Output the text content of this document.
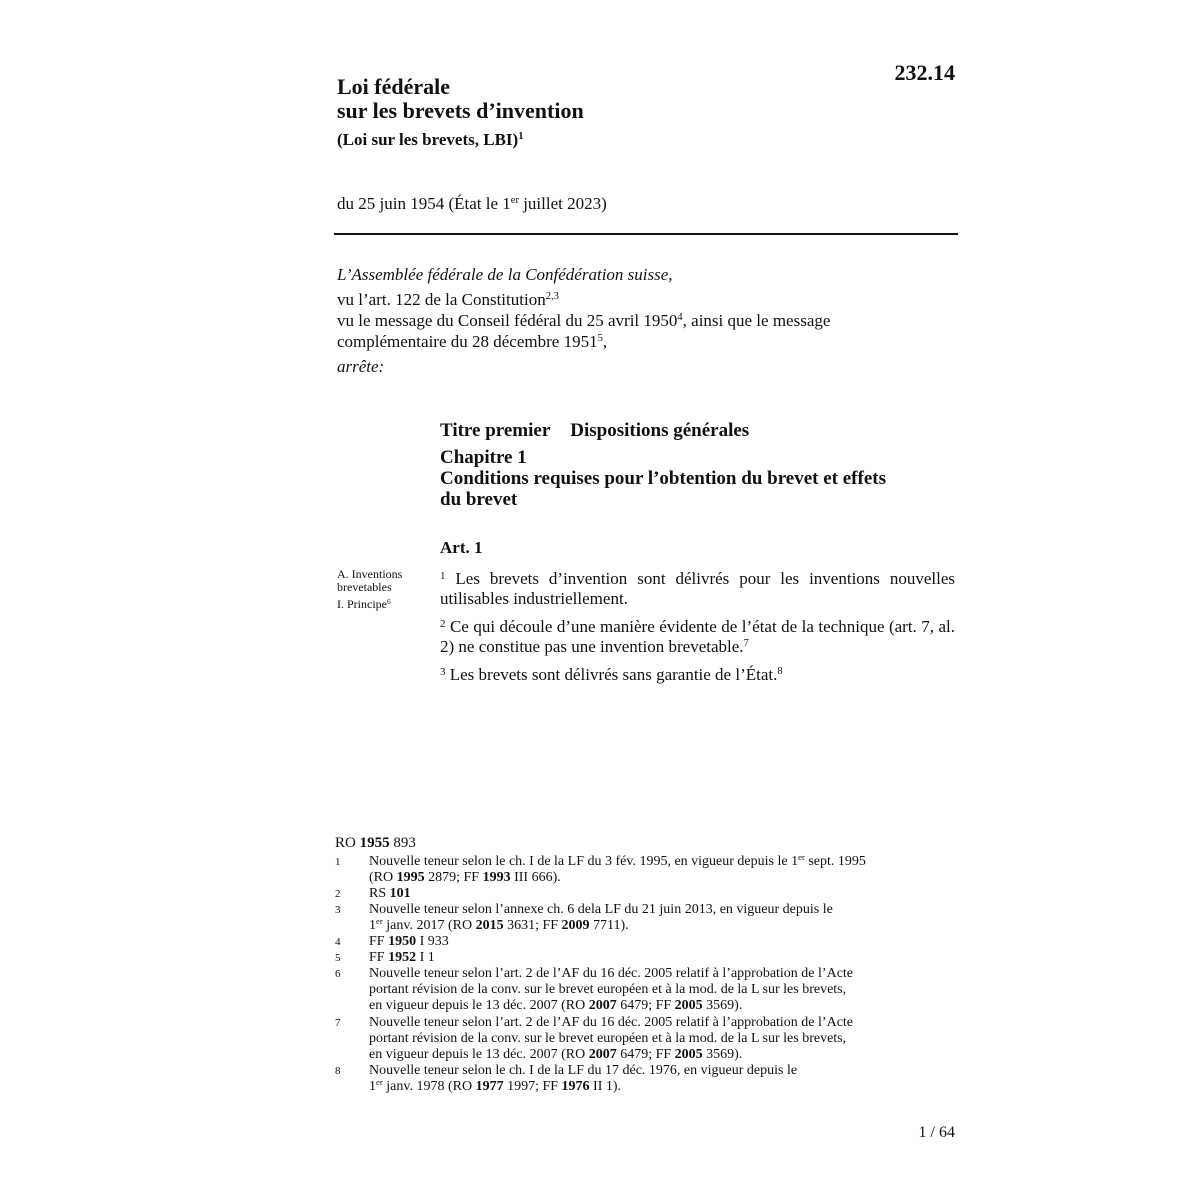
232.14
Loi fédérale
sur les brevets d’invention
(Loi sur les brevets, LBI)$^1$
du 25 juin 1954 (État le 1er juillet 2023)
L’Assemblée fédérale de la Confédération suisse,
vu l’art. 122 de la Constitution$^{2,3}$
vu le message du Conseil fédéral du 25 avril 1950$^4$, ainsi que le message
complémentaire du 28 décembre 1951$^5$,
arrête:
Titre premier Dispositions générales
Chapitre 1
Conditions requises pour l’obtention du brevet et effets
du brevet
Art. 1
A. Inventions
brevetables
I. Principe$^6$
$^1$ Les brevets d’invention sont délivrés pour les inventions nouvelles utilisables industriellement.
$^2$ Ce qui découle d’une manière évidente de l’état de la technique (art. 7, al. 2) ne constitue pas une invention brevetable.$^7$
$^3$ Les brevets sont délivrés sans garantie de l’État.$^8$
RO 1955 893
1 Nouvelle teneur selon le ch. I de la LF du 3 fév. 1995, en vigueur depuis le 1er sept. 1995
(RO 1995 2879; FF 1993 III 666).
2 RS 101
3 Nouvelle teneur selon l’annexe ch. 6 dela LF du 21 juin 2013, en vigueur depuis le
1er janv. 2017 (RO 2015 3631; FF 2009 7711).
4 FF 1950 I 933
5 FF 1952 I 1
6 Nouvelle teneur selon l’art. 2 de l’AF du 16 déc. 2005 relatif à l’approbation de l’Acte
portant révision de la conv. sur le brevet européen et à la mod. de la L sur les brevets,
en vigueur depuis le 13 déc. 2007 (RO 2007 6479; FF 2005 3569).
7 Nouvelle teneur selon l’art. 2 de l’AF du 16 déc. 2005 relatif à l’approbation de l’Acte
portant révision de la conv. sur le brevet européen et à la mod. de la L sur les brevets,
en vigueur depuis le 13 déc. 2007 (RO 2007 6479; FF 2005 3569).
8 Nouvelle teneur selon le ch. I de la LF du 17 déc. 1976, en vigueur depuis le
1er janv. 1978 (RO 1977 1997; FF 1976 II 1).
1 / 64
